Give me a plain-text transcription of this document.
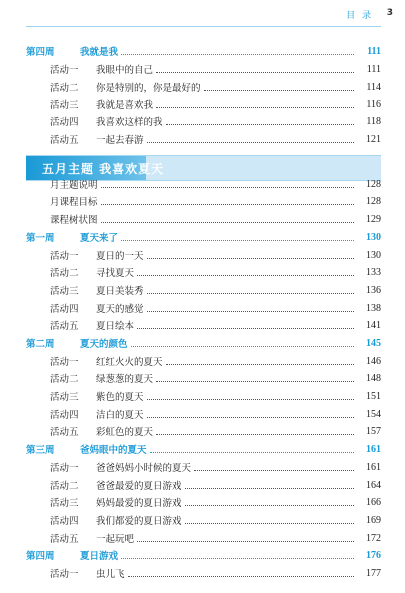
目 录 3
五月主题 我喜欢夏天
第四周	我就是我	111
活动一	我眼中的自己	111
活动二	你是特别的，你是最好的	114
活动三	我就是喜欢我	116
活动四	我喜欢这样的我	118
活动五	一起去春游	121
月主题说明	128
月课程目标	128
课程树状图	129
第一周	夏天来了	130
活动一	夏日的一天	130
活动二	寻找夏天	133
活动三	夏日美装秀	136
活动四	夏天的感觉	138
活动五	夏日绘本	141
第二周	夏天的颜色	145
活动一	红红火火的夏天	146
活动二	绿葱葱的夏天	148
活动三	紫色的夏天	151
活动四	洁白的夏天	154
活动五	彩虹色的夏天	157
第三周	爸妈眼中的夏天	161
活动一	爸爸妈妈小时候的夏天	161
活动二	爸爸最爱的夏日游戏	164
活动三	妈妈最爱的夏日游戏	166
活动四	我们都爱的夏日游戏	169
活动五	一起玩吧	172
第四周	夏日游戏	176
活动一	虫儿飞	177
